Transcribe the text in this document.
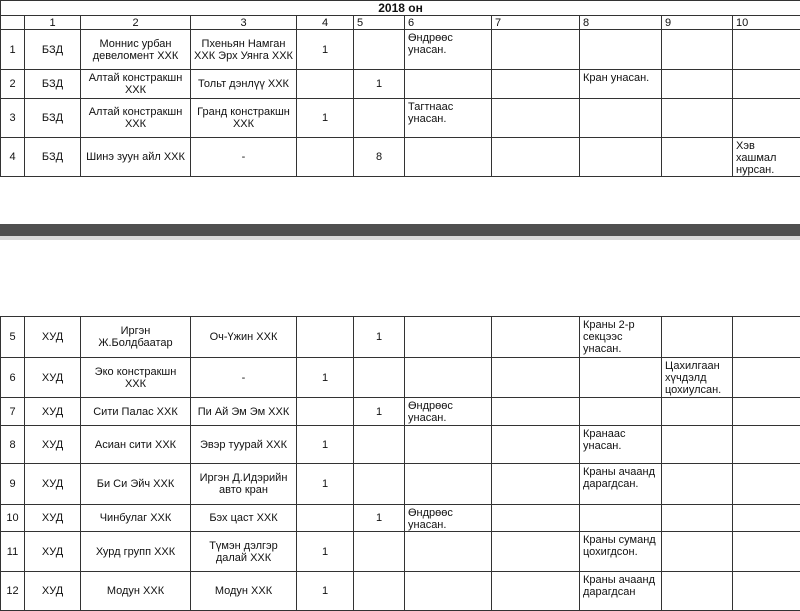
2018 он										
	1	2	3	4	5	6	7	8	9	10
1	БЗД	Моннис урбан девеломент ХХК	Пхеньян Намган ХХК Эрх Уянга ХХК	1		Өндрөөс унасан.				
2	БЗД	Алтай констракшн ХХК	Тольт дэнлүү ХХК		1			Кран унасан.		
3	БЗД	Алтай констракшн ХХК	Гранд констракшн ХХК	1		Тагтнаас унасан.				
4	БЗД	Шинэ зуун айл ХХК	-		8					Хэв хашмал нурсан.
5	ХУД	Иргэн Ж.Болдбаатар	Оч-Үжин ХХК		1			Краны 2-р секцээс унасан.		
6	ХУД	Эко констракшн ХХК	-	1					Цахилгаан хүчдэлд цохиулсан.	
7	ХУД	Сити Палас ХХК	Пи Ай Эм Эм ХХК		1	Өндрөөс унасан.				
8	ХУД	Асиан сити ХХК	Эвэр туурай ХХК	1				Кранаас унасан.		
9	ХУД	Би Си Эйч ХХК	Иргэн Д.Идэрийн авто кран	1				Краны ачаанд дарагдсан.		
10	ХУД	Чинбулаг ХХК	Бэх цаст ХХК		1	Өндрөөс унасан.				
11	ХУД	Хурд групп ХХК	Түмэн дэлгэр далай ХХК	1				Краны суманд цохигдсон.		
12	ХУД	Модун ХХК	Модун ХХК	1				Краны ачаанд дарагдсан		
